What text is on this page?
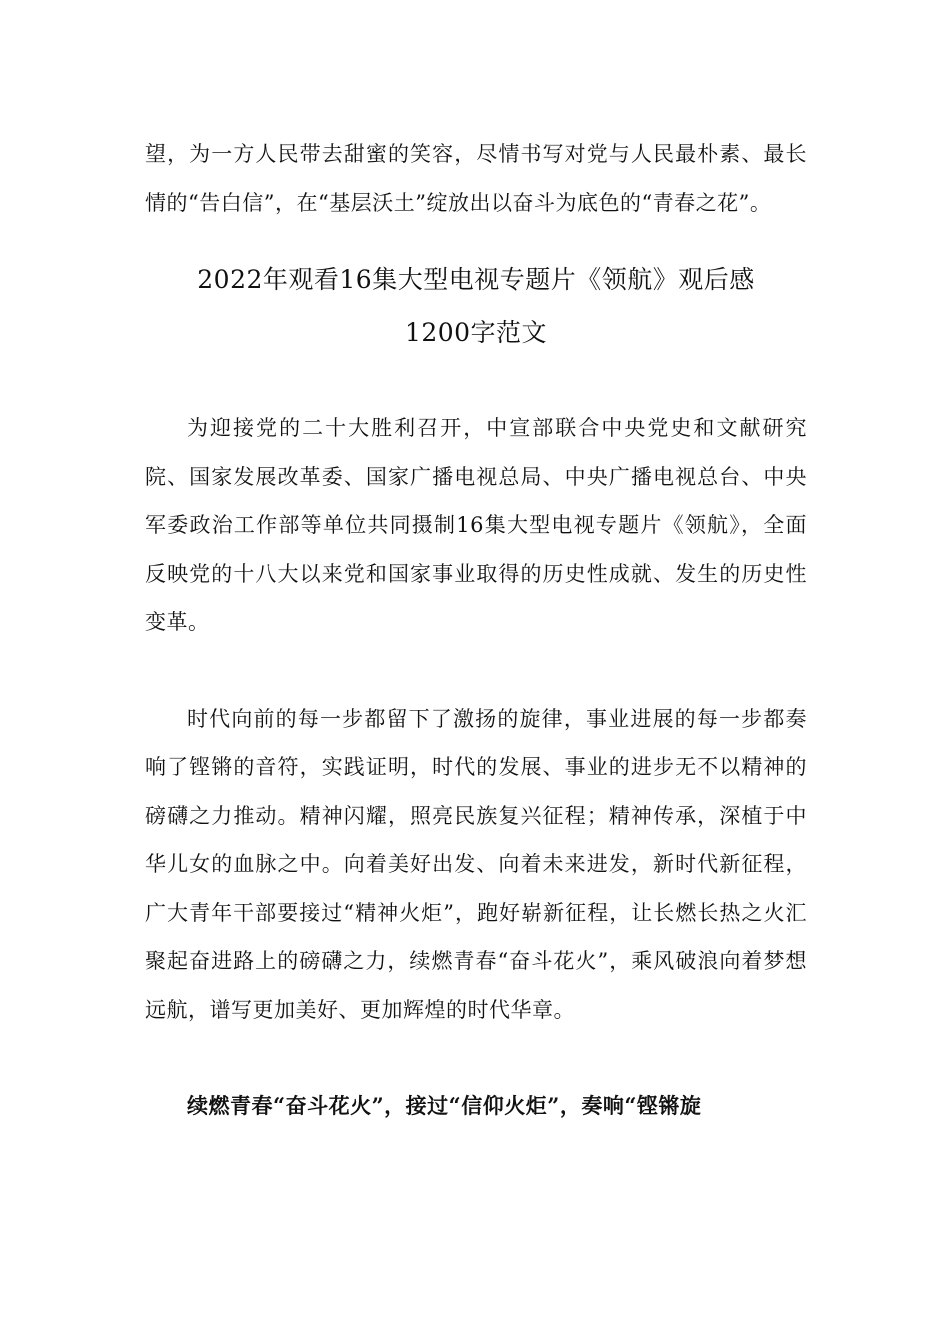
望，为一方人民带去甜蜜的笑容，尽情书写对党与人民最朴素、最长情的“告白信”，在“基层沃土”绽放出以奋斗为底色的“青春之花”。

2022年观看16集大型电视专题片《领航》观后感
1200字范文

为迎接党的二十大胜利召开，中宣部联合中央党史和文献研究院、国家发展改革委、国家广播电视总局、中央广播电视总台、中央军委政治工作部等单位共同摄制16集大型电视专题片《领航》，全面反映党的十八大以来党和国家事业取得的历史性成就、发生的历史性变革。

时代向前的每一步都留下了激扬的旋律，事业进展的每一步都奏响了铿锵的音符，实践证明，时代的发展、事业的进步无不以精神的磅礴之力推动。精神闪耀，照亮民族复兴征程；精神传承，深植于中华儿女的血脉之中。向着美好出发、向着未来进发，新时代新征程，广大青年干部要接过“精神火炬”，跑好崭新征程，让长燃长热之火汇聚起奋进路上的磅礴之力，续燃青春“奋斗花火”，乘风破浪向着梦想远航，谱写更加美好、更加辉煌的时代华章。

续燃青春“奋斗花火”，接过“信仰火炬”，奏响“铿锵旋
